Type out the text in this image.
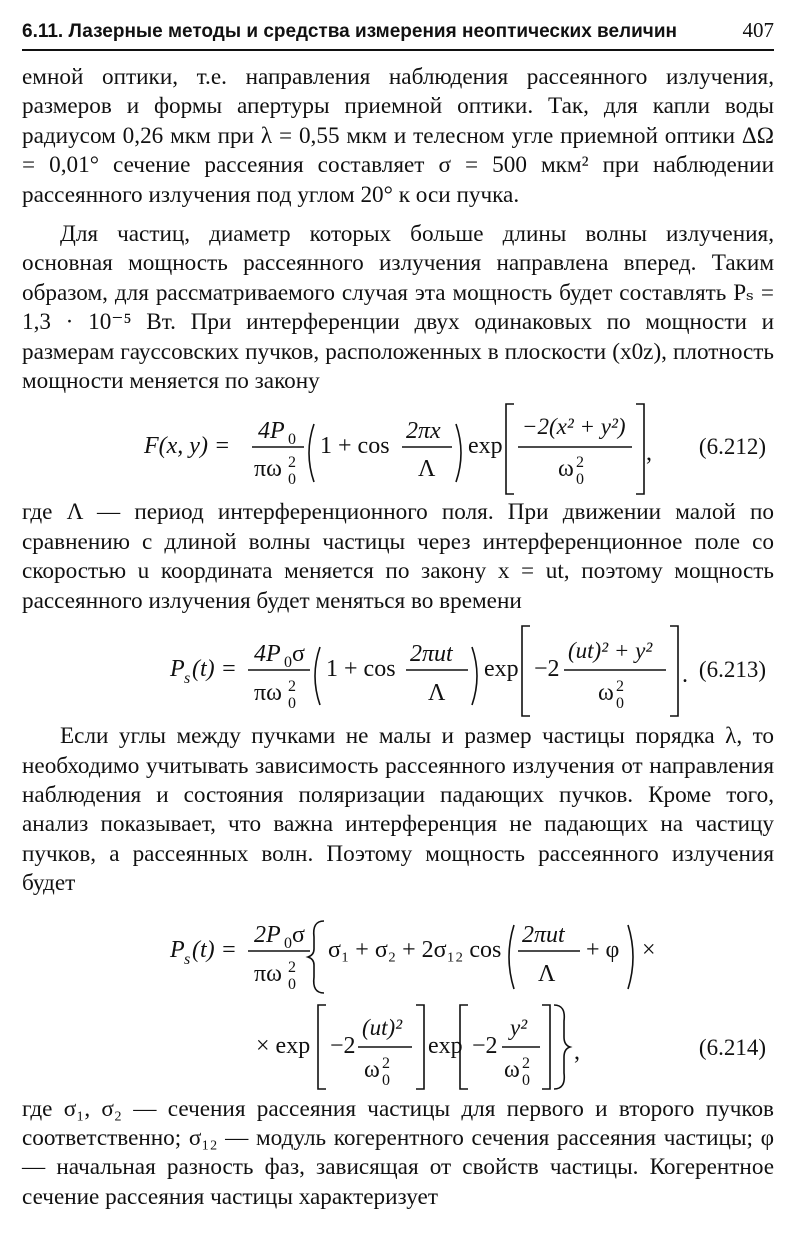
6.11. Лазерные методы и средства измерения неоптических величин	407

емной оптики, т.е. направления наблюдения рассеянного излучения, размеров и формы апертуры приемной оптики. Так, для капли воды радиусом 0,26 мкм при λ = 0,55 мкм и телесном угле приемной оптики ΔΩ = 0,01° сечение рассеяния составляет σ = 500 мкм² при наблюдении рассеянного излучения под углом 20° к оси пучка.

Для частиц, диаметр которых больше длины волны излучения, основная мощность рассеянного излучения направлена вперед. Таким образом, для рассматриваемого случая эта мощность будет составлять Pₛ = 1,3 · 10⁻⁵ Вт. При интерференции двух одинаковых по мощности и размерам гауссовских пучков, расположенных в плоскости (x0z), плотность мощности меняется по закону

F(x, y) =
4P 0
πω 2
0
1 + cos
2πx
Λ
exp
−2(x² + y²)
ω 2
0
, (6.212)

где Λ — период интерференционного поля. При движении малой по сравнению с длиной волны частицы через интерференционное поле со скоростью u координата меняется по закону x = ut, поэтому мощность рассеянного излучения будет меняться во времени

P s (t) =
4P 0 σ
πω 2
0
1 + cos
2πut
Λ
exp −2
(ut)² + y²
ω 2
0
. (6.213)

Если углы между пучками не малы и размер частицы порядка λ, то необходимо учитывать зависимость рассеянного излучения от направления наблюдения и состояния поляризации падающих пучков. Кроме того, анализ показывает, что важна интерференция не падающих на частицу пучков, а рассеянных волн. Поэтому мощность рассеянного излучения будет

P s (t) =
2P 0 σ
πω 2
0
σ₁ + σ₂ + 2σ₁₂ cos
2πut
Λ
+ φ ×
× exp −2
(ut)²
ω 2
0
exp −2
y²
ω 2
0
,	(6.214)

где σ₁, σ₂ — сечения рассеяния частицы для первого и второго пучков соответственно; σ₁₂ — модуль когерентного сечения рассеяния частицы; φ — начальная разность фаз, зависящая от свойств частицы. Когерентное сечение рассеяния частицы характеризует
